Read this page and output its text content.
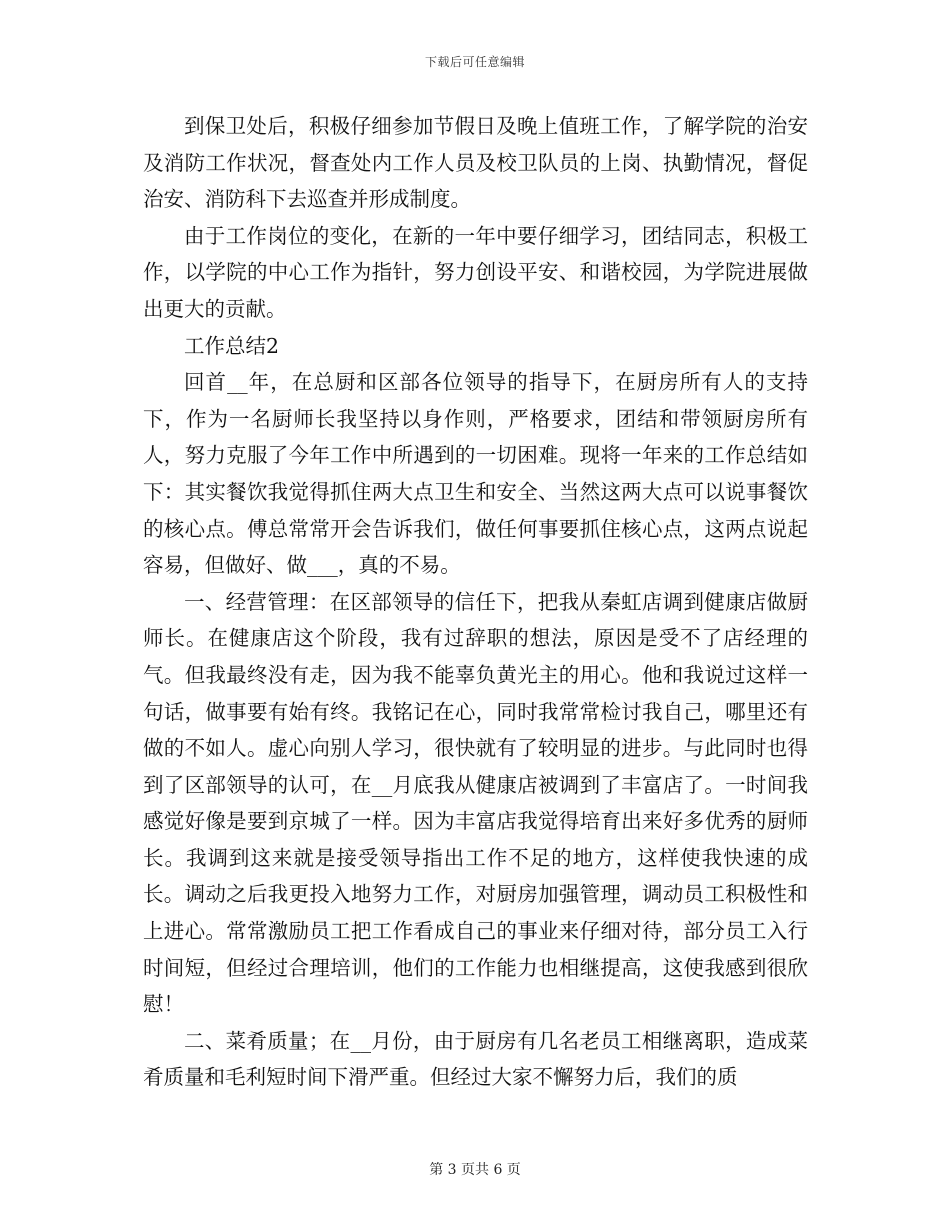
下载后可任意编辑

到保卫处后，积极仔细参加节假日及晚上值班工作，了解学院的治安及消防工作状况，督查处内工作人员及校卫队员的上岗、执勤情况，督促治安、消防科下去巡查并形成制度。

由于工作岗位的变化，在新的一年中要仔细学习，团结同志，积极工作，以学院的中心工作为指针，努力创设平安、和谐校园，为学院进展做出更大的贡献。

工作总结2

回首__年，在总厨和区部各位领导的指导下，在厨房所有人的支持下，作为一名厨师长我坚持以身作则，严格要求，团结和带领厨房所有人，努力克服了今年工作中所遇到的一切困难。现将一年来的工作总结如下：其实餐饮我觉得抓住两大点卫生和安全、当然这两大点可以说事餐饮的核心点。傅总常常开会告诉我们，做任何事要抓住核心点，这两点说起容易，但做好、做___，真的不易。

一、经营管理：在区部领导的信任下，把我从秦虹店调到健康店做厨师长。在健康店这个阶段，我有过辞职的想法，原因是受不了店经理的气。但我最终没有走，因为我不能辜负黄光主的用心。他和我说过这样一句话，做事要有始有终。我铭记在心，同时我常常检讨我自己，哪里还有做的不如人。虚心向别人学习，很快就有了较明显的进步。与此同时也得到了区部领导的认可，在__月底我从健康店被调到了丰富店了。一时间我感觉好像是要到京城了一样。因为丰富店我觉得培育出来好多优秀的厨师长。我调到这来就是接受领导指出工作不足的地方，这样使我快速的成长。调动之后我更投入地努力工作，对厨房加强管理，调动员工积极性和上进心。常常激励员工把工作看成自己的事业来仔细对待，部分员工入行时间短，但经过合理培训，他们的工作能力也相继提高，这使我感到很欣慰！

二、菜肴质量；在__月份，由于厨房有几名老员工相继离职，造成菜肴质量和毛利短时间下滑严重。但经过大家不懈努力后，我们的质

第 3 页共 6 页
